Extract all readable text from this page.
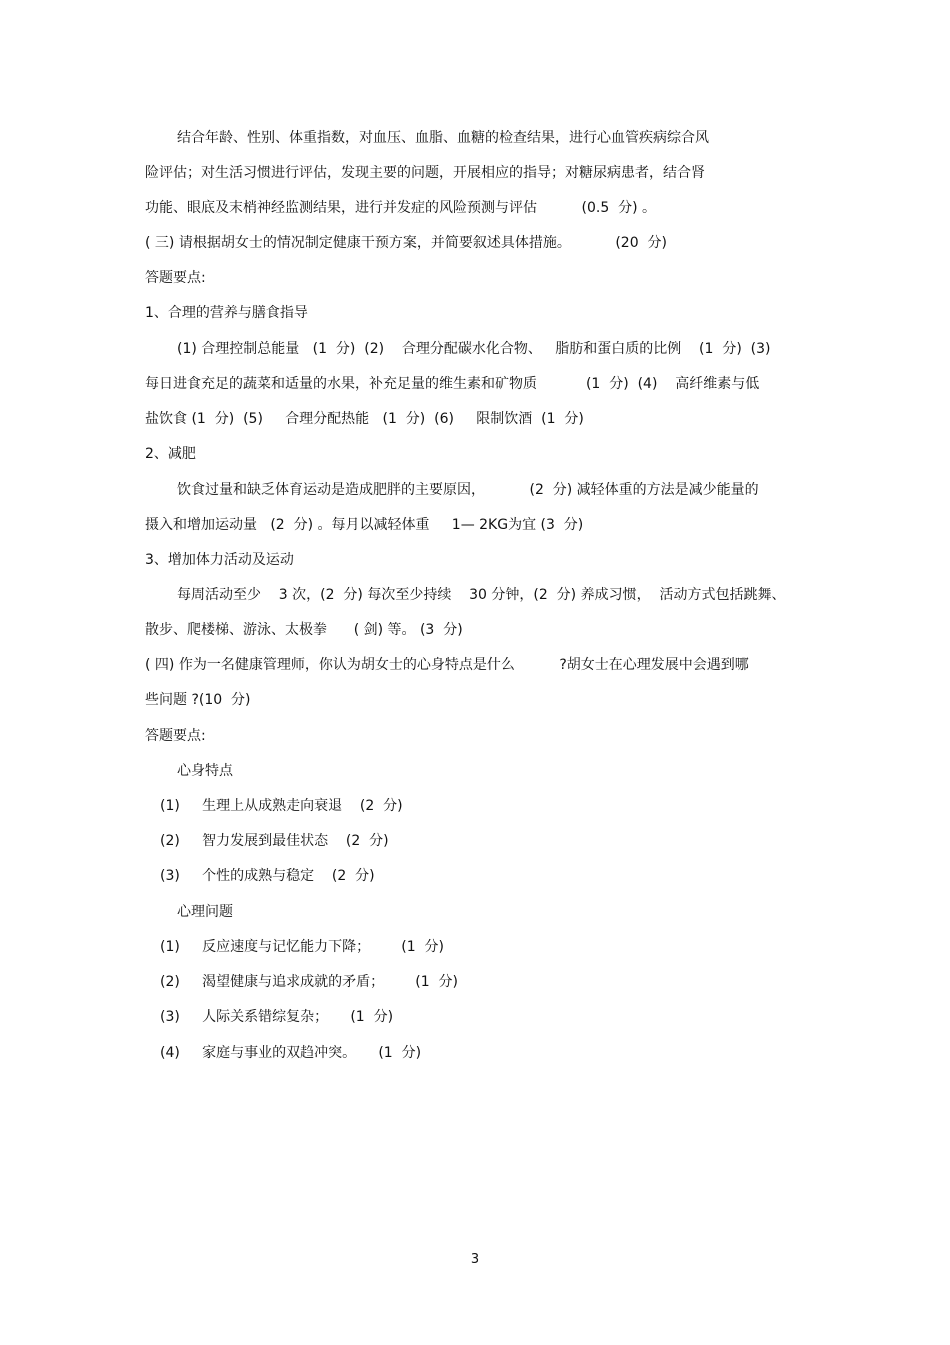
结合年龄、性别、体重指数，对血压、血脂、血糖的检查结果，进行心血管疾病综合风
险评估；对生活习惯进行评估，发现主要的问题，开展相应的指导；对糖尿病患者，结合肾
功能、眼底及末梢神经监测结果，进行并发症的风险预测与评估          (0.5  分) 。
( 三) 请根据胡女士的情况制定健康干预方案，并简要叙述具体措施。          (20  分)
答题要点:
1、合理的营养与膳食指导
(1) 合理控制总能量   (1  分)  (2)    合理分配碳水化合物、   脂肪和蛋白质的比例    (1  分)  (3)
每日进食充足的蔬菜和适量的水果，补充足量的维生素和矿物质           (1  分)  (4)    高纤维素与低
盐饮食 (1  分)  (5)     合理分配热能   (1  分)  (6)     限制饮酒  (1  分)
2、减肥
饮食过量和缺乏体育运动是造成肥胖的主要原因，          (2  分) 减轻体重的方法是减少能量的
摄入和增加运动量   (2  分) 。每月以减轻体重     1— 2KG为宜 (3  分)
3、增加体力活动及运动
每周活动至少    3 次，(2  分) 每次至少持续    30 分钟，(2  分) 养成习惯，  活动方式包括跳舞、
散步、爬楼梯、游泳、太极拳      ( 剑) 等。 (3  分)
( 四) 作为一名健康管理师，你认为胡女士的心身特点是什么          ?胡女士在心理发展中会遇到哪
些问题 ?(10  分)
答题要点:
心身特点
(1)     生理上从成熟走向衰退    (2  分)
(2)     智力发展到最佳状态    (2  分)
(3)     个性的成熟与稳定    (2  分)
心理问题
(1)     反应速度与记忆能力下降；       (1  分)
(2)     渴望健康与追求成就的矛盾；       (1  分)
(3)     人际关系错综复杂；     (1  分)
(4)     家庭与事业的双趋冲突。     (1  分)
3
